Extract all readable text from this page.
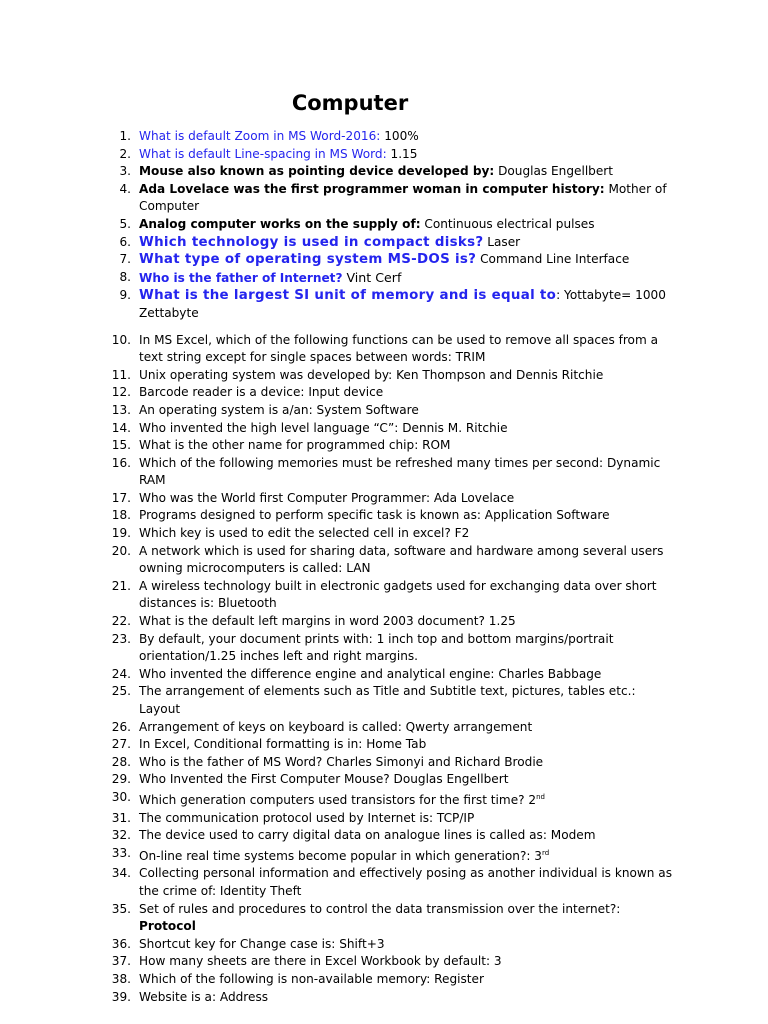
Computer
1. What is default Zoom in MS Word-2016: 100%
2. What is default Line-spacing in MS Word: 1.15
3. Mouse also known as pointing device developed by: Douglas Engellbert
4. Ada Lovelace was the first programmer woman in computer history: Mother of Computer
5. Analog computer works on the supply of: Continuous electrical pulses
6. Which technology is used in compact disks? Laser
7. What type of operating system MS-DOS is? Command Line Interface
8. Who is the father of Internet? Vint Cerf
9. What is the largest SI unit of memory and is equal to: Yottabyte= 1000 Zettabyte
10. In MS Excel, which of the following functions can be used to remove all spaces from a text string except for single spaces between words: TRIM
11. Unix operating system was developed by: Ken Thompson and Dennis Ritchie
12. Barcode reader is a device: Input device
13. An operating system is a/an: System Software
14. Who invented the high level language “C”: Dennis M. Ritchie
15. What is the other name for programmed chip: ROM
16. Which of the following memories must be refreshed many times per second: Dynamic RAM
17. Who was the World first Computer Programmer: Ada Lovelace
18. Programs designed to perform specific task is known as: Application Software
19. Which key is used to edit the selected cell in excel? F2
20. A network which is used for sharing data, software and hardware among several users owning microcomputers is called: LAN
21. A wireless technology built in electronic gadgets used for exchanging data over short distances is: Bluetooth
22. What is the default left margins in word 2003 document? 1.25
23. By default, your document prints with: 1 inch top and bottom margins/portrait orientation/1.25 inches left and right margins.
24. Who invented the difference engine and analytical engine: Charles Babbage
25. The arrangement of elements such as Title and Subtitle text, pictures, tables etc.: Layout
26. Arrangement of keys on keyboard is called: Qwerty arrangement
27. In Excel, Conditional formatting is in: Home Tab
28. Who is the father of MS Word? Charles Simonyi and Richard Brodie
29. Who Invented the First Computer Mouse? Douglas Engellbert
30. Which generation computers used transistors for the first time? 2nd
31. The communication protocol used by Internet is: TCP/IP
32. The device used to carry digital data on analogue lines is called as: Modem
33. On-line real time systems become popular in which generation?: 3rd
34. Collecting personal information and effectively posing as another individual is known as the crime of: Identity Theft
35. Set of rules and procedures to control the data transmission over the internet?: Protocol
36. Shortcut key for Change case is: Shift+3
37. How many sheets are there in Excel Workbook by default: 3
38. Which of the following is non-available memory: Register
39. Website is a: Address
